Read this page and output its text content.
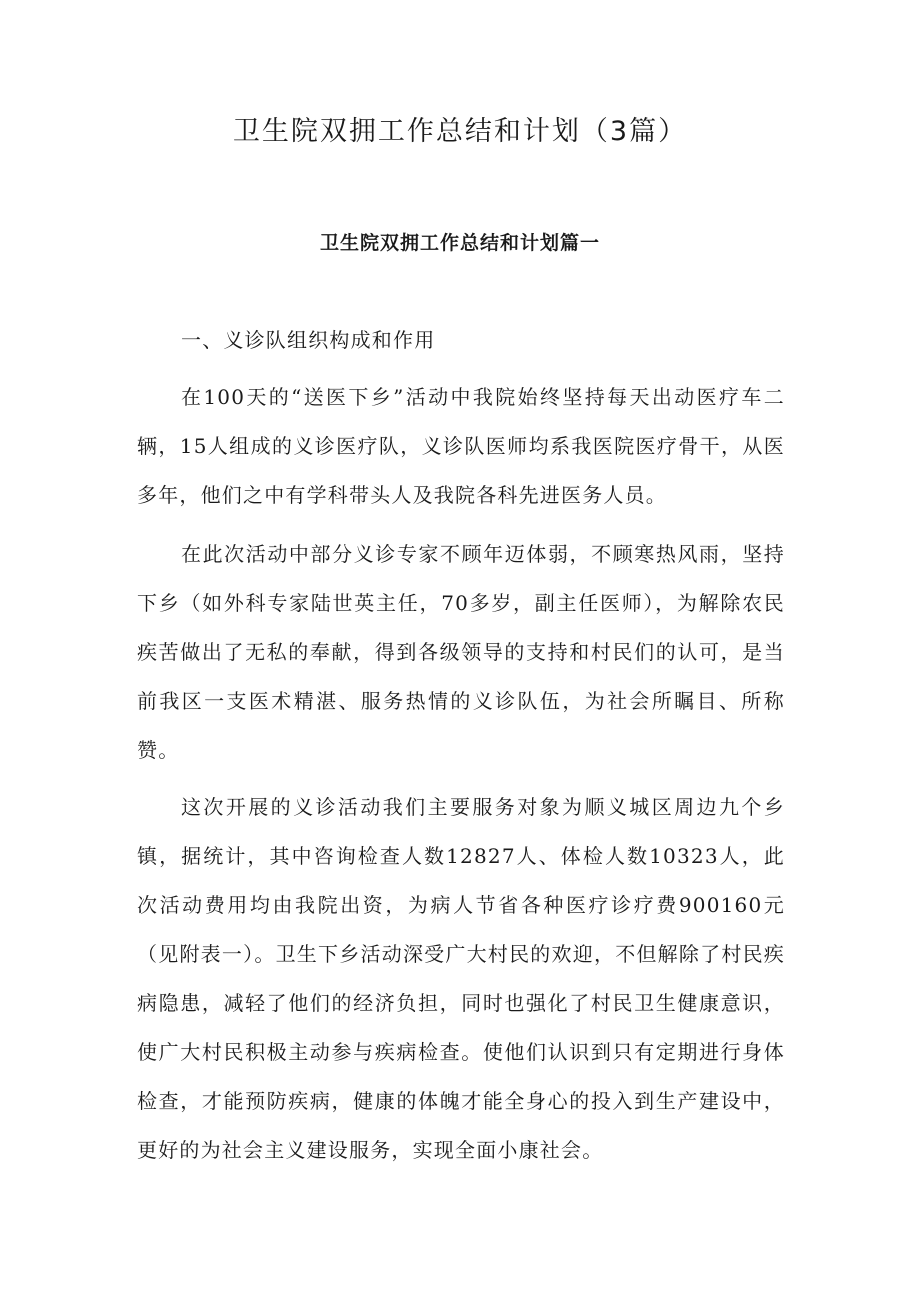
卫生院双拥工作总结和计划（3篇）
卫生院双拥工作总结和计划篇一

一、义诊队组织构成和作用

在100天的“送医下乡”活动中我院始终坚持每天出动医疗车二辆，15人组成的义诊医疗队，义诊队医师均系我医院医疗骨干，从医多年，他们之中有学科带头人及我院各科先进医务人员。

在此次活动中部分义诊专家不顾年迈体弱，不顾寒热风雨，坚持下乡（如外科专家陆世英主任，70多岁，副主任医师），为解除农民疾苦做出了无私的奉献，得到各级领导的支持和村民们的认可，是当前我区一支医术精湛、服务热情的义诊队伍，为社会所瞩目、所称赞。

这次开展的义诊活动我们主要服务对象为顺义城区周边九个乡镇，据统计，其中咨询检查人数12827人、体检人数10323人，此次活动费用均由我院出资，为病人节省各种医疗诊疗费900160元（见附表一）。卫生下乡活动深受广大村民的欢迎，不但解除了村民疾病隐患，减轻了他们的经济负担，同时也强化了村民卫生健康意识，使广大村民积极主动参与疾病检查。使他们认识到只有定期进行身体检查，才能预防疾病，健康的体魄才能全身心的投入到生产建设中，更好的为社会主义建设服务，实现全面小康社会。
